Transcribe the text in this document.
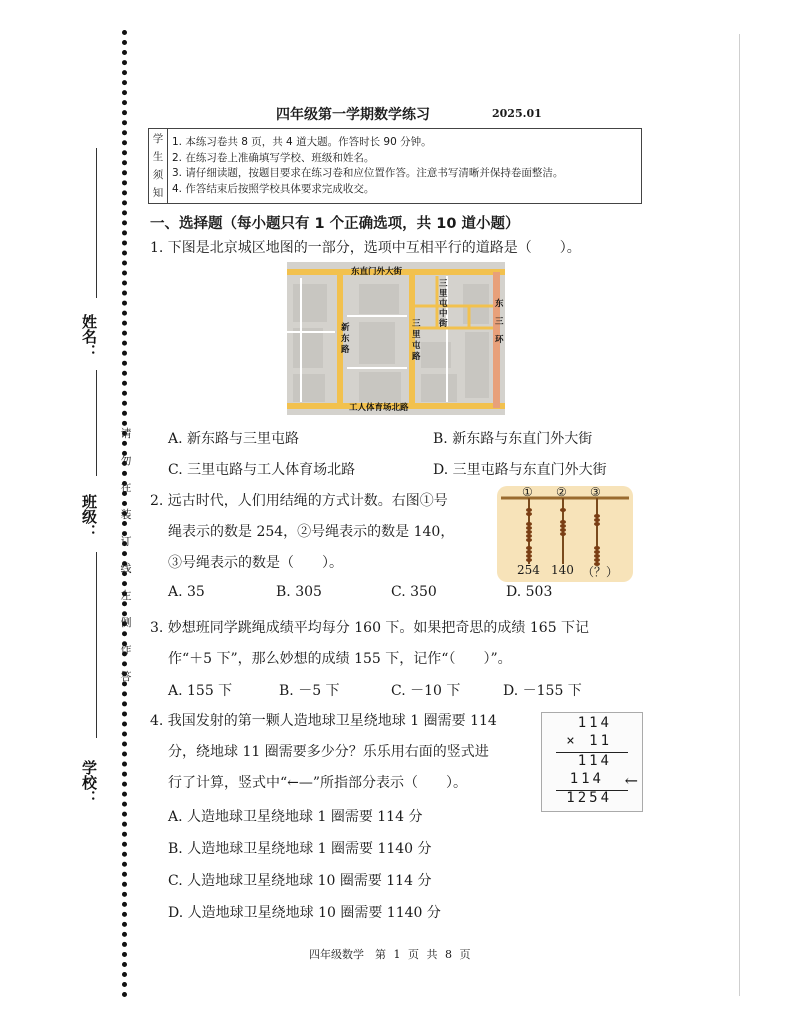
姓名：
班级：
学校：
请
勿
在
装
订
线
左
侧
作
答
四年级第一学期数学练习	2025.01
学
生
须
知

1. 本练习卷共 8 页，共 4 道大题。作答时长 90 分钟。
2. 在练习卷上准确填写学校、班级和姓名。
3. 请仔细读题，按题目要求在练习卷和应位置作答。注意书写清晰并保持卷面整洁。
4. 作答结束后按照学校具体要求完成收交。
一、选择题（每小题只有 1 个正确选项，共 10 道小题）
1. 下图是北京城区地图的一部分，选项中互相平行的道路是（　　）。
东直门外大街
工人体育场北路
新
东
路
三
里
屯
路
三
里
屯
中
街
东
三
环
A. 新东路与三里屯路	B. 新东路与东直门外大街
C. 三里屯路与工人体育场北路	D. 三里屯路与东直门外大街
2. 远古时代，人们用结绳的方式计数。右图①号
绳表示的数是 254，②号绳表示的数是 140，
③号绳表示的数是（　　）。
① ② ③
254 140 （？）
A. 35	B. 305	C. 350	D. 503
3. 妙想班同学跳绳成绩平均每分 160 下。如果把奇思的成绩 165 下记
作“＋5 下”，那么妙想的成绩 155 下，记作“（　　）”。
A. 155 下	B. －5 下	C. －10 下	D. －155 下
4. 我国发射的第一颗人造地球卫星绕地球 1 圈需要 114
分，绕地球 11 圈需要多少分？乐乐用右面的竖式进
行了计算，竖式中“←—”所指部分表示（　　）。
114
× 11
114
114 ←
1254
A. 人造地球卫星绕地球 1 圈需要 114 分
B. 人造地球卫星绕地球 1 圈需要 1140 分
C. 人造地球卫星绕地球 10 圈需要 114 分
D. 人造地球卫星绕地球 10 圈需要 1140 分
四年级数学　第 1 页 共 8 页
